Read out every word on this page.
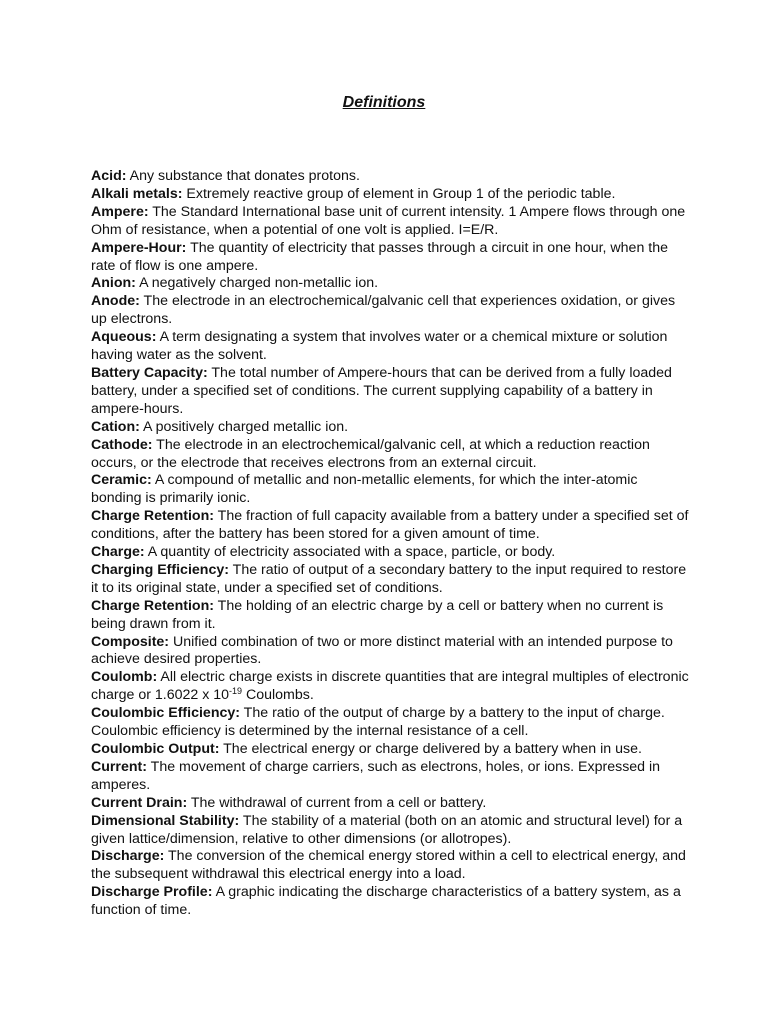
Definitions

Acid: Any substance that donates protons.

Alkali metals: Extremely reactive group of element in Group 1 of the periodic table.

Ampere: The Standard International base unit of current intensity. 1 Ampere flows through one Ohm of resistance, when a potential of one volt is applied. I=E/R.

Ampere-Hour: The quantity of electricity that passes through a circuit in one hour, when the rate of flow is one ampere.

Anion: A negatively charged non-metallic ion.

Anode: The electrode in an electrochemical/galvanic cell that experiences oxidation, or gives up electrons.

Aqueous: A term designating a system that involves water or a chemical mixture or solution having water as the solvent.

Battery Capacity: The total number of Ampere-hours that can be derived from a fully loaded battery, under a specified set of conditions. The current supplying capability of a battery in ampere-hours.

Cation: A positively charged metallic ion.

Cathode: The electrode in an electrochemical/galvanic cell, at which a reduction reaction occurs, or the electrode that receives electrons from an external circuit.

Ceramic: A compound of metallic and non-metallic elements, for which the inter-atomic bonding is primarily ionic.

Charge Retention: The fraction of full capacity available from a battery under a specified set of conditions, after the battery has been stored for a given amount of time.

Charge: A quantity of electricity associated with a space, particle, or body.

Charging Efficiency: The ratio of output of a secondary battery to the input required to restore it to its original state, under a specified set of conditions.

Charge Retention: The holding of an electric charge by a cell or battery when no current is being drawn from it.

Composite: Unified combination of two or more distinct material with an intended purpose to achieve desired properties.

Coulomb: All electric charge exists in discrete quantities that are integral multiples of electronic charge or 1.6022 x $10^{-19}$ Coulombs.

Coulombic Efficiency: The ratio of the output of charge by a battery to the input of charge. Coulombic efficiency is determined by the internal resistance of a cell.

Coulombic Output: The electrical energy or charge delivered by a battery when in use.

Current: The movement of charge carriers, such as electrons, holes, or ions. Expressed in amperes.

Current Drain: The withdrawal of current from a cell or battery.

Dimensional Stability: The stability of a material (both on an atomic and structural level) for a given lattice/dimension, relative to other dimensions (or allotropes).

Discharge: The conversion of the chemical energy stored within a cell to electrical energy, and the subsequent withdrawal this electrical energy into a load.

Discharge Profile: A graphic indicating the discharge characteristics of a battery system, as a function of time.
